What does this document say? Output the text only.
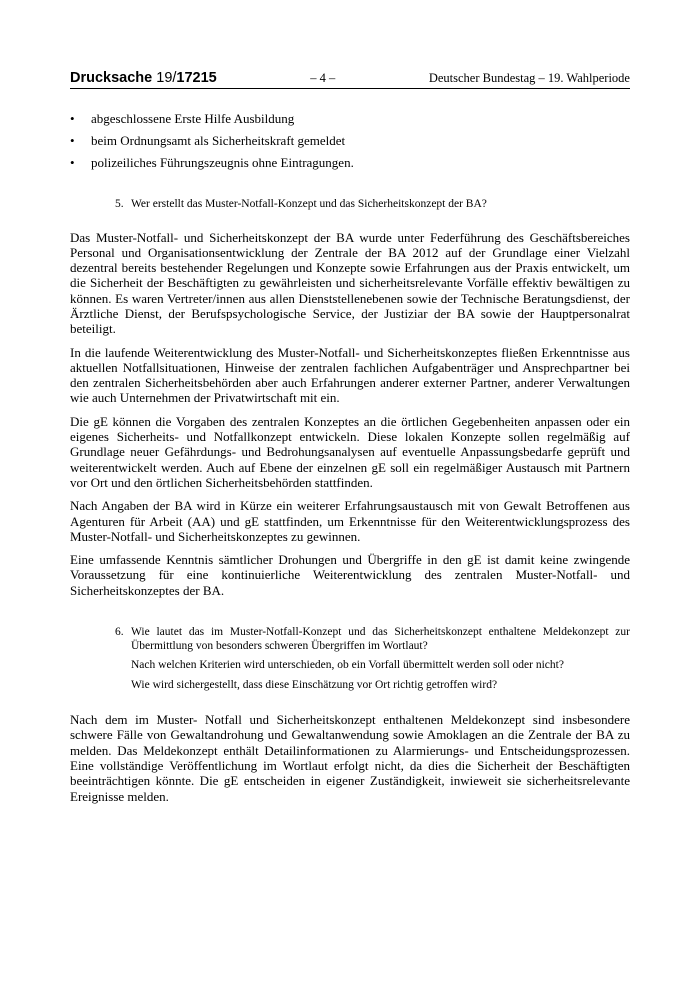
Drucksache 19/17215	– 4 –	Deutscher Bundestag – 19. Wahlperiode
• abgeschlossene Erste Hilfe Ausbildung
• beim Ordnungsamt als Sicherheitskraft gemeldet
• polizeiliches Führungszeugnis ohne Eintragungen.
5. Wer erstellt das Muster-Notfall-Konzept und das Sicherheitskonzept der BA?

Das Muster-Notfall- und Sicherheitskonzept der BA wurde unter Federführung des Geschäftsbereiches Personal und Organisationsentwicklung der Zentrale der BA 2012 auf der Grundlage einer Vielzahl dezentral bereits bestehender Regelungen und Konzepte sowie Erfahrungen aus der Praxis entwickelt, um die Sicherheit der Beschäftigten zu gewährleisten und sicherheitsrelevante Vorfälle effektiv bewältigen zu können. Es waren Vertreter/innen aus allen Dienststellenebenen sowie der Technische Beratungsdienst, der Ärztliche Dienst, der Berufspsychologische Service, der Justiziar der BA sowie der Hauptpersonalrat beteiligt.

In die laufende Weiterentwicklung des Muster-Notfall- und Sicherheitskonzeptes fließen Erkenntnisse aus aktuellen Notfallsituationen, Hinweise der zentralen fachlichen Aufgabenträger und Ansprechpartner bei den zentralen Sicherheitsbehörden aber auch Erfahrungen anderer externer Partner, anderer Verwaltungen wie auch Unternehmen der Privatwirtschaft mit ein.

Die gE können die Vorgaben des zentralen Konzeptes an die örtlichen Gegebenheiten anpassen oder ein eigenes Sicherheits- und Notfallkonzept entwickeln. Diese lokalen Konzepte sollen regelmäßig auf Grundlage neuer Gefährdungs- und Bedrohungsanalysen auf eventuelle Anpassungsbedarfe geprüft und weiterentwickelt werden. Auch auf Ebene der einzelnen gE soll ein regelmäßiger Austausch mit Partnern vor Ort und den örtlichen Sicherheitsbehörden stattfinden.

Nach Angaben der BA wird in Kürze ein weiterer Erfahrungsaustausch mit von Gewalt Betroffenen aus Agenturen für Arbeit (AA) und gE stattfinden, um Erkenntnisse für den Weiterentwicklungsprozess des Muster-Notfall- und Sicherheitskonzeptes zu gewinnen.

Eine umfassende Kenntnis sämtlicher Drohungen und Übergriffe in den gE ist damit keine zwingende Voraussetzung für eine kontinuierliche Weiterentwicklung des zentralen Muster-Notfall- und Sicherheitskonzeptes der BA.

6. Wie lautet das im Muster-Notfall-Konzept und das Sicherheitskonzept enthaltene Meldekonzept zur Übermittlung von besonders schweren Übergriffen im Wortlaut?
Nach welchen Kriterien wird unterschieden, ob ein Vorfall übermittelt werden soll oder nicht?
Wie wird sichergestellt, dass diese Einschätzung vor Ort richtig getroffen wird?

Nach dem im Muster- Notfall und Sicherheitskonzept enthaltenen Meldekonzept sind insbesondere schwere Fälle von Gewaltandrohung und Gewaltanwendung sowie Amoklagen an die Zentrale der BA zu melden. Das Meldekonzept enthält Detailinformationen zu Alarmierungs- und Entscheidungsprozessen. Eine vollständige Veröffentlichung im Wortlaut erfolgt nicht, da dies die Sicherheit der Beschäftigten beeinträchtigen könnte. Die gE entscheiden in eigener Zuständigkeit, inwieweit sie sicherheitsrelevante Ereignisse melden.
